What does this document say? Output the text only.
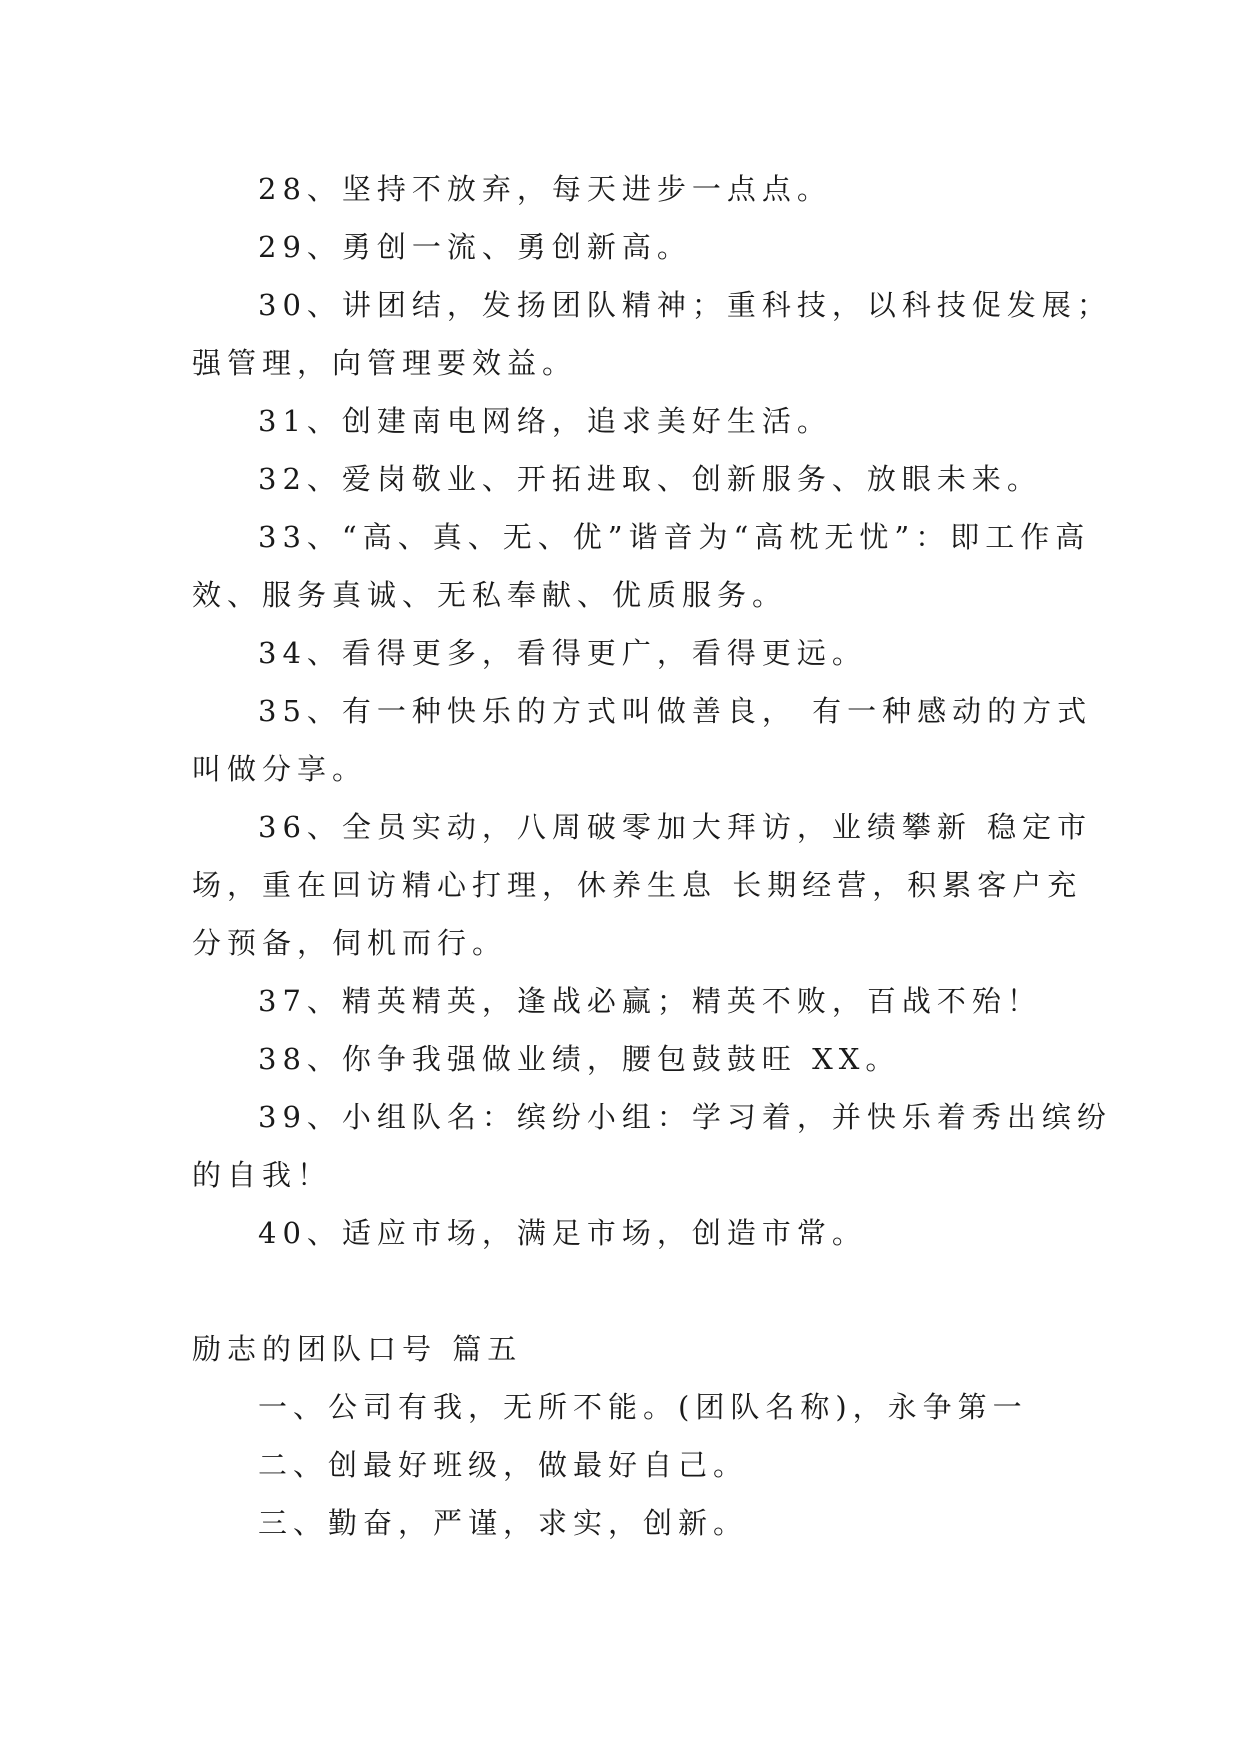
28、坚持不放弃，每天进步一点点。
29、勇创一流、勇创新高。
30、讲团结，发扬团队精神；重科技，以科技促发展；
强管理，向管理要效益。
31、创建南电网络，追求美好生活。
32、爱岗敬业、开拓进取、创新服务、放眼未来。
33、“高、真、无、优”谐音为“高枕无忧”：即工作高
效、服务真诚、无私奉献、优质服务。
34、看得更多，看得更广，看得更远。
35、有一种快乐的方式叫做善良， 有一种感动的方式
叫做分享。
36、全员实动，八周破零加大拜访，业绩攀新 稳定市
场，重在回访精心打理，休养生息 长期经营，积累客户充
分预备，伺机而行。
37、精英精英，逢战必赢；精英不败，百战不殆！
38、你争我强做业绩，腰包鼓鼓旺 XX。
39、小组队名：缤纷小组：学习着，并快乐着秀出缤纷
的自我！
40、适应市场，满足市场，创造市常。
励志的团队口号 篇五
一、公司有我，无所不能。(团队名称)，永争第一
二、创最好班级，做最好自己。
三、勤奋，严谨，求实，创新。
